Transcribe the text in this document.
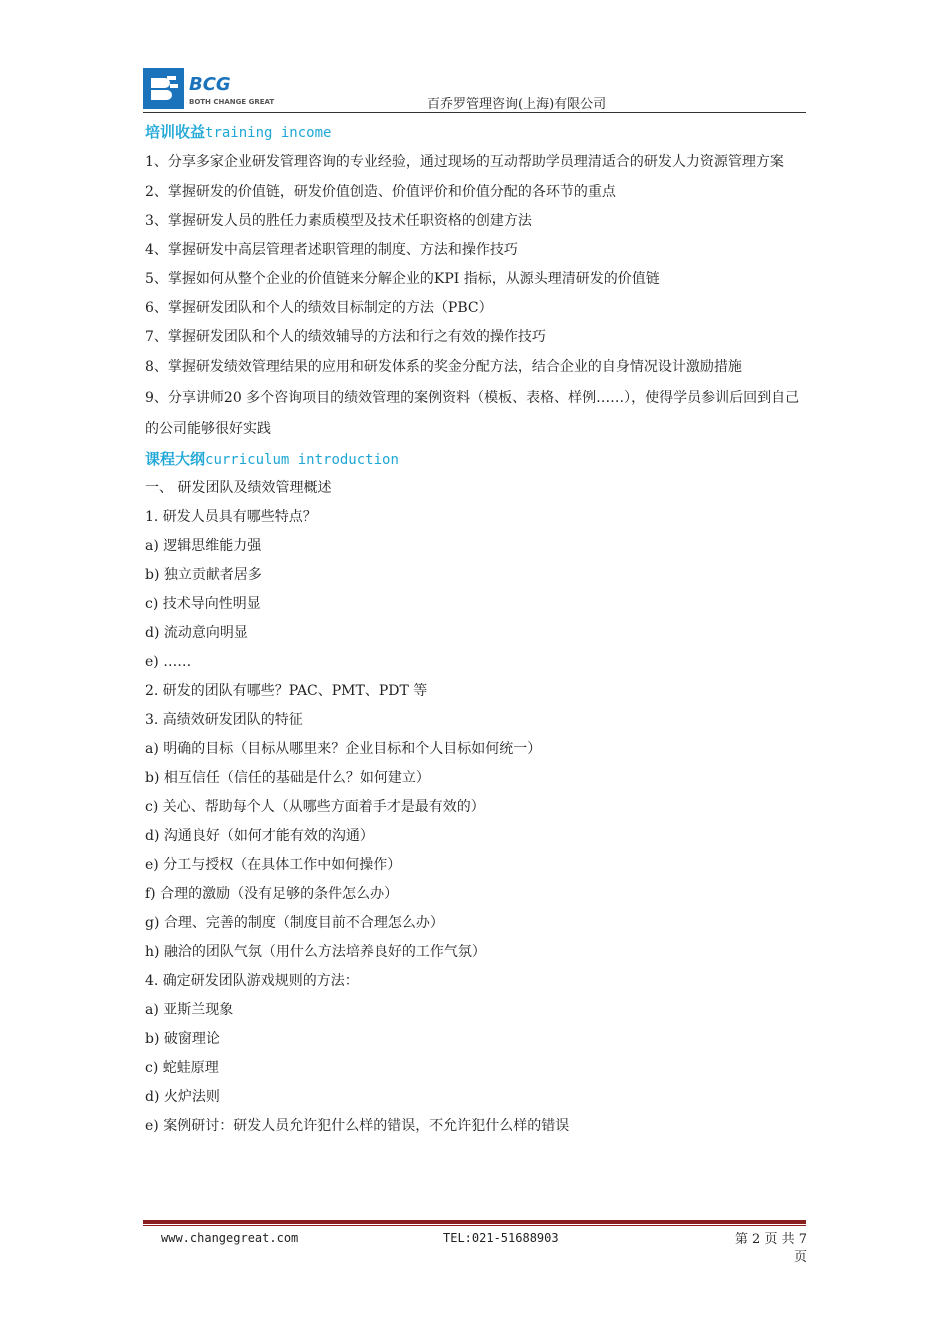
BCG
BOTH CHANGE GREAT	百乔罗管理咨询(上海)有限公司
培训收益training income
1、分享多家企业研发管理咨询的专业经验，通过现场的互动帮助学员理清适合的研发人力资源管理方案
2、掌握研发的价值链，研发价值创造、价值评价和价值分配的各环节的重点
3、掌握研发人员的胜任力素质模型及技术任职资格的创建方法
4、掌握研发中高层管理者述职管理的制度、方法和操作技巧
5、掌握如何从整个企业的价值链来分解企业的KPI 指标，从源头理清研发的价值链
6、掌握研发团队和个人的绩效目标制定的方法（PBC）
7、掌握研发团队和个人的绩效辅导的方法和行之有效的操作技巧
8、掌握研发绩效管理结果的应用和研发体系的奖金分配方法，结合企业的自身情况设计激励措施
9、分享讲师20 多个咨询项目的绩效管理的案例资料（模板、表格、样例……），使得学员参训后回到自己的公司能够很好实践
课程大纲curriculum introduction
一、 研发团队及绩效管理概述
1. 研发人员具有哪些特点？
a) 逻辑思维能力强
b) 独立贡献者居多
c) 技术导向性明显
d) 流动意向明显
e) ……
2. 研发的团队有哪些？PAC、PMT、PDT 等
3. 高绩效研发团队的特征
a) 明确的目标（目标从哪里来？企业目标和个人目标如何统一）
b) 相互信任（信任的基础是什么？如何建立）
c) 关心、帮助每个人（从哪些方面着手才是最有效的）
d) 沟通良好（如何才能有效的沟通）
e) 分工与授权（在具体工作中如何操作）
f) 合理的激励（没有足够的条件怎么办）
g) 合理、完善的制度（制度目前不合理怎么办）
h) 融洽的团队气氛（用什么方法培养良好的工作气氛）
4. 确定研发团队游戏规则的方法：
a) 亚斯兰现象
b) 破窗理论
c) 蛇蛙原理
d) 火炉法则
e) 案例研讨：研发人员允许犯什么样的错误，不允许犯什么样的错误
www.changegreat.com	TEL:021-51688903	第 2 页 共 7 页
